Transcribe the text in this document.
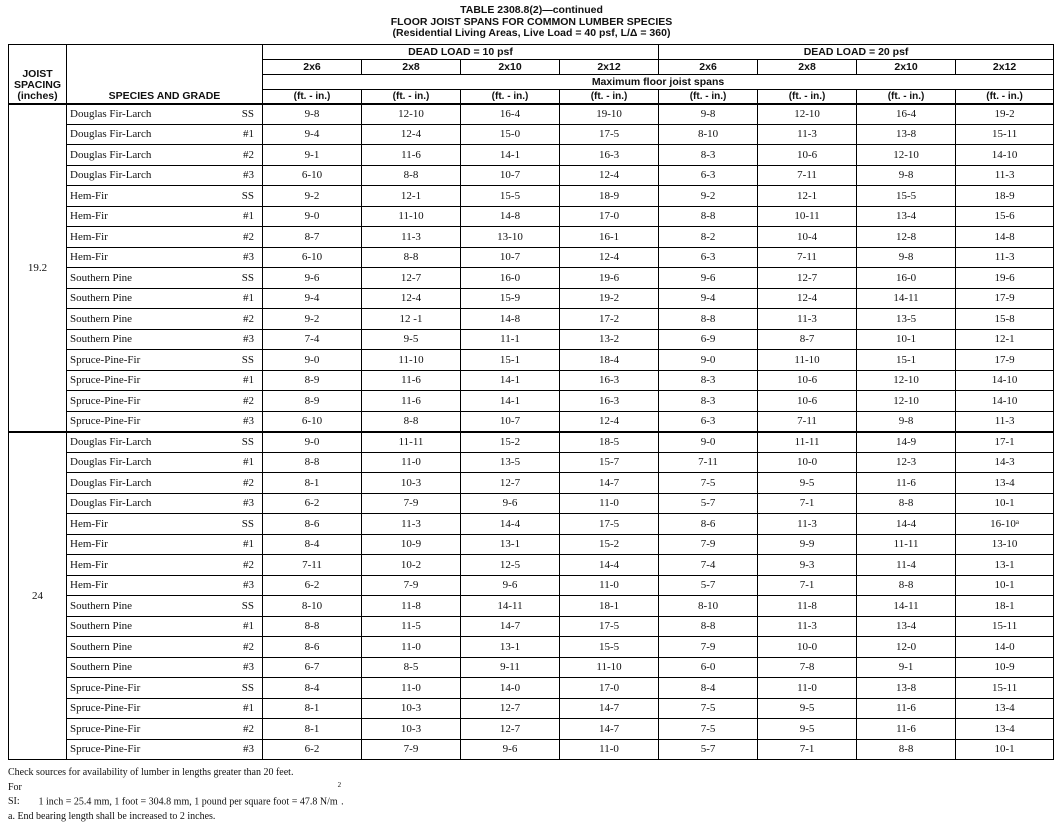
TABLE 2308.8(2)—continued
FLOOR JOIST SPANS FOR COMMON LUMBER SPECIES
(Residential Living Areas, Live Load = 40 psf, L/Δ = 360)
JOIST
SPACING
(inches)	SPECIES AND GRADE	DEAD LOAD = 10 psf				DEAD LOAD = 20 psf			
		2x6	2x8	2x10	2x12	2x6	2x8	2x10	2x12
		Maximum floor joist spans							
		(ft. - in.)	(ft. - in.)	(ft. - in.)	(ft. - in.)	(ft. - in.)	(ft. - in.)	(ft. - in.)	(ft. - in.)
19.2	Douglas Fir-Larch SS	9-8	12-10	16-4	19-10	9-8	12-10	16-4	19-2

	Douglas Fir-Larch #1	9-4	12-4	15-0	17-5	8-10	11-3	13-8	15-11

	Douglas Fir-Larch #2	9-1	11-6	14-1	16-3	8-3	10-6	12-10	14-10

	Douglas Fir-Larch #3	6-10	8-8	10-7	12-4	6-3	7-11	9-8	11-3

	Hem-Fir SS	9-2	12-1	15-5	18-9	9-2	12-1	15-5	18-9

	Hem-Fir #1	9-0	11-10	14-8	17-0	8-8	10-11	13-4	15-6

	Hem-Fir #2	8-7	11-3	13-10	16-1	8-2	10-4	12-8	14-8

	Hem-Fir #3	6-10	8-8	10-7	12-4	6-3	7-11	9-8	11-3

	Southern Pine SS	9-6	12-7	16-0	19-6	9-6	12-7	16-0	19-6

	Southern Pine #1	9-4	12-4	15-9	19-2	9-4	12-4	14-11	17-9

	Southern Pine #2	9-2	12 -1	14-8	17-2	8-8	11-3	13-5	15-8

	Southern Pine #3	7-4	9-5	11-1	13-2	6-9	8-7	10-1	12-1

	Spruce-Pine-Fir SS	9-0	11-10	15-1	18-4	9-0	11-10	15-1	17-9

	Spruce-Pine-Fir #1	8-9	11-6	14-1	16-3	8-3	10-6	12-10	14-10

	Spruce-Pine-Fir #2	8-9	11-6	14-1	16-3	8-3	10-6	12-10	14-10

	Spruce-Pine-Fir #3	6-10	8-8	10-7	12-4	6-3	7-11	9-8	11-3
24	Douglas Fir-Larch SS	9-0	11-11	15-2	18-5	9-0	11-11	14-9	17-1

	Douglas Fir-Larch #1	8-8	11-0	13-5	15-7	7-11	10-0	12-3	14-3

	Douglas Fir-Larch #2	8-1	10-3	12-7	14-7	7-5	9-5	11-6	13-4

	Douglas Fir-Larch #3	6-2	7-9	9-6	11-0	5-7	7-1	8-8	10-1

	Hem-Fir SS	8-6	11-3	14-4	17-5	8-6	11-3	14-4	16-10$^a$

	Hem-Fir #1	8-4	10-9	13-1	15-2	7-9	9-9	11-11	13-10

	Hem-Fir #2	7-11	10-2	12-5	14-4	7-4	9-3	11-4	13-1

	Hem-Fir #3	6-2	7-9	9-6	11-0	5-7	7-1	8-8	10-1

	Southern Pine SS	8-10	11-8	14-11	18-1	8-10	11-8	14-11	18-1

	Southern Pine #1	8-8	11-5	14-7	17-5	8-8	11-3	13-4	15-11

	Southern Pine #2	8-6	11-0	13-1	15-5	7-9	10-0	12-0	14-0

	Southern Pine #3	6-7	8-5	9-11	11-10	6-0	7-8	9-1	10-9

	Spruce-Pine-Fir SS	8-4	11-0	14-0	17-0	8-4	11-0	13-8	15-11

	Spruce-Pine-Fir #1	8-1	10-3	12-7	14-7	7-5	9-5	11-6	13-4

	Spruce-Pine-Fir #2	8-1	10-3	12-7	14-7	7-5	9-5	11-6	13-4

	Spruce-Pine-Fir #3	6-2	7-9	9-6	11-0	5-7	7-1	8-8	10-1
Check sources for availability of lumber in lengths greater than 20 feet.
For SI: 1 inch = 25.4 mm, 1 foot = 304.8 mm, 1 pound per square foot = 47.8 $N/m^2$.
a. End bearing length shall be increased to 2 inches.
